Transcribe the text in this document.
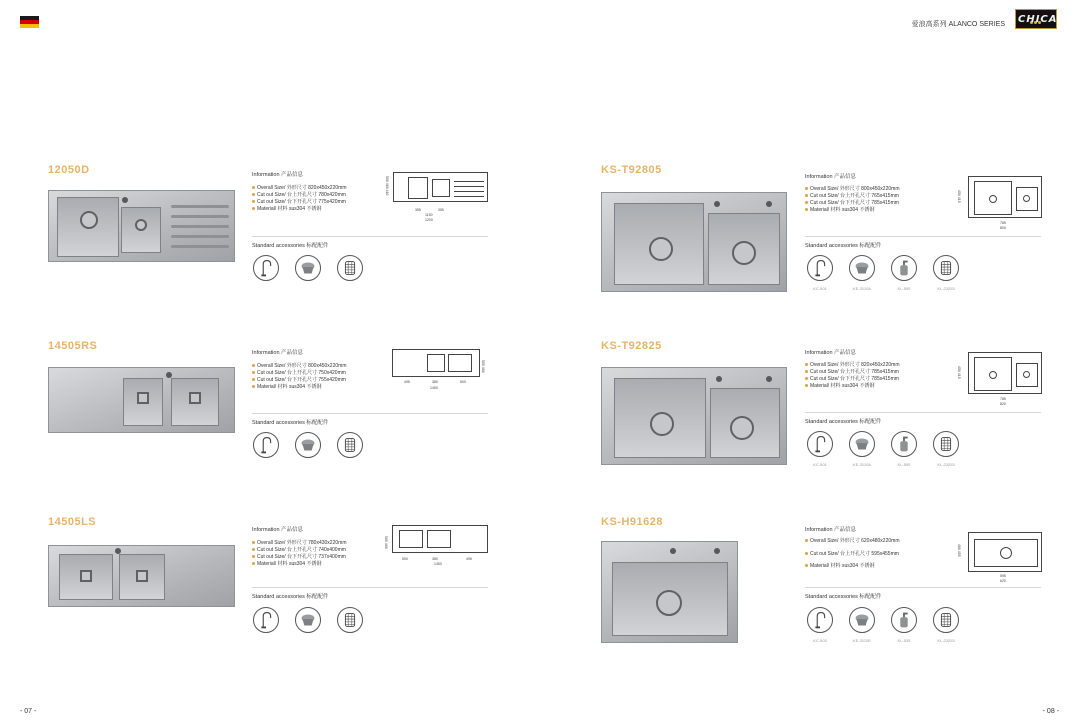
爱浪高系列 ALANCO SERIES CHICA
12050D	Information 产品信息
Overall Size/ 外形尺寸 820x450x220mm
Cut out Size/ 台上开孔尺寸 780x420mm
Cut out Size/ 台下开孔尺寸 775x420mm
Material/ 材料 sus304 不锈钢
500 460 416
355	355
1150
1200
Standard accessories 标配配件
14505RS
Information 产品信息
Overall Size/ 外形尺寸 800x450x220mm
Cut out Size/ 台上开孔尺寸 750x420mm
Cut out Size/ 台下开孔尺寸 755x420mm
Material/ 材料 sus304 不锈钢
505 466
495	380	500
1450
Standard accessories 标配配件
14505LS
Information 产品信息
Overall Size/ 外形尺寸 780x430x220mm
Cut out Size/ 台上开孔尺寸 740x400mm
Cut out Size/ 台下开孔尺寸 737x400mm
Material/ 材料 sus304 不锈钢
505 466
500	380	495
1450
Standard accessories 标配配件
KS-T92805
Information 产品信息
Overall Size/ 外形尺寸 800x450x220mm
Cut out Size/ 台上开孔尺寸 765x415mm
Cut out Size/ 台下开孔尺寸 785x415mm
Material/ 材料 sus304 不锈钢
450 415
765
800
Standard accessories 标配配件
KC-501	KE-3110A	KL-555	KL-23253
KS-T92825
Information 产品信息
Overall Size/ 外形尺寸 820x450x220mm
Cut out Size/ 台上开孔尺寸 785x415mm
Cut out Size/ 台下开孔尺寸 785x415mm
Material/ 材料 sus304 不锈钢
450 415
785
820
Standard accessories 标配配件
KC-501	KE-3110A	KL-555	KL-23253
KS-H91628
Information 产品信息
Overall Size/ 外形尺寸 620x480x220mm
Cut out Size/ 台上开孔尺寸 595x455mm
Material/ 材料 sus304 不锈钢
480 455
595
620
Standard accessories 标配配件
KC-503	KE-3110E	KL-535	KL-23253
- 07 -	- 08 -
